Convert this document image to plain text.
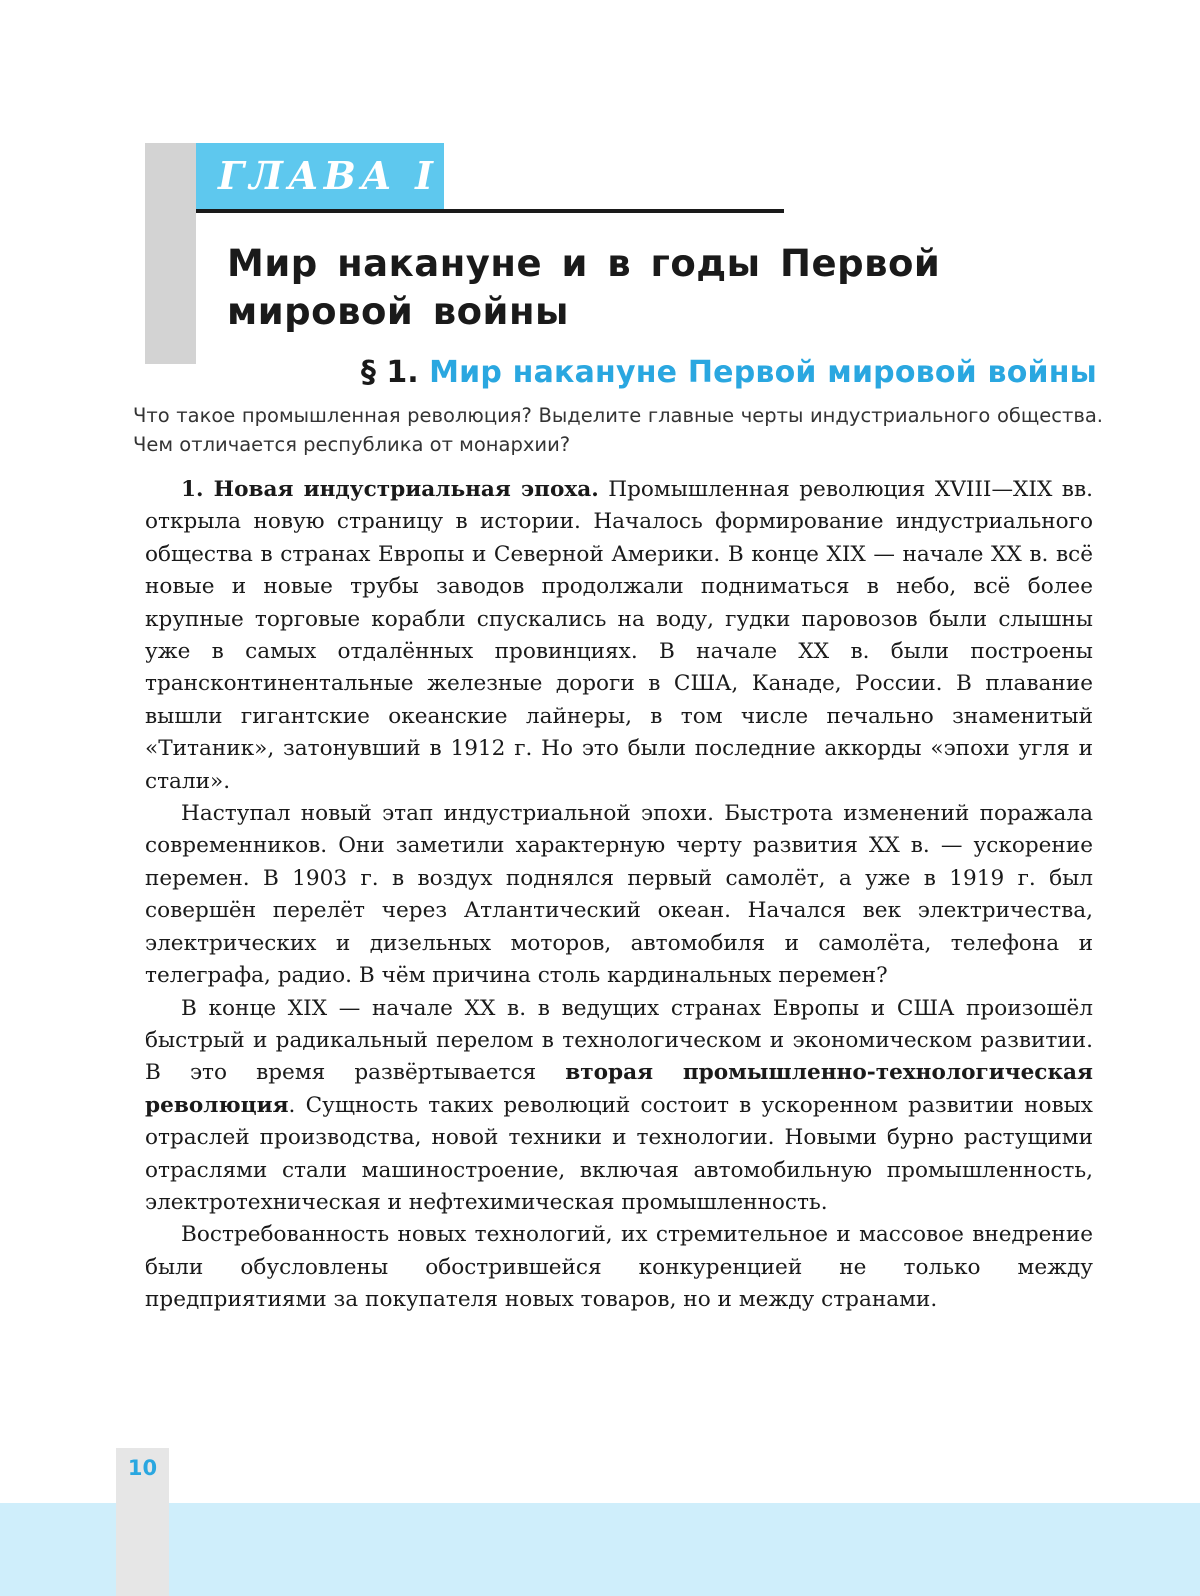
ГЛАВА I
Мир накануне и в годы Первой мировой войны
§ 1. Мир накануне Первой мировой войны

Что такое промышленная революция? Выделите главные черты индустриального общества. Чем отличается республика от монархии?

1. Новая индустриальная эпоха. Промышленная революция XVIII—XIX вв. открыла новую страницу в истории. Началось формирование индустриального общества в странах Европы и Северной Америки. В конце XIX — начале XX в. всё новые и новые трубы заводов продолжали подниматься в небо, всё более крупные торговые корабли спускались на воду, гудки паровозов были слышны уже в самых отдалённых провинциях. В начале XX в. были построены трансконтинентальные железные дороги в США, Канаде, России. В плавание вышли гигантские океанские лайнеры, в том числе печально знаменитый «Титаник», затонувший в 1912 г. Но это были последние аккорды «эпохи угля и стали».

Наступал новый этап индустриальной эпохи. Быстрота изменений поражала современников. Они заметили характерную черту развития XX в. — ускорение перемен. В 1903 г. в воздух поднялся первый самолёт, а уже в 1919 г. был совершён перелёт через Атлантический океан. Начался век электричества, электрических и дизельных моторов, автомобиля и самолёта, телефона и телеграфа, радио. В чём причина столь кардинальных перемен?

В конце XIX — начале XX в. в ведущих странах Европы и США произошёл быстрый и радикальный перелом в технологическом и экономическом развитии. В это время развёртывается вторая промышленно-технологическая революция. Сущность таких революций состоит в ускоренном развитии новых отраслей производства, новой техники и технологии. Новыми бурно растущими отраслями стали машиностроение, включая автомобильную промышленность, электротехническая и нефтехимическая промышленность.

Востребованность новых технологий, их стремительное и массовое внедрение были обусловлены обострившейся конкуренцией не только между предприятиями за покупателя новых товаров, но и между странами.

10
